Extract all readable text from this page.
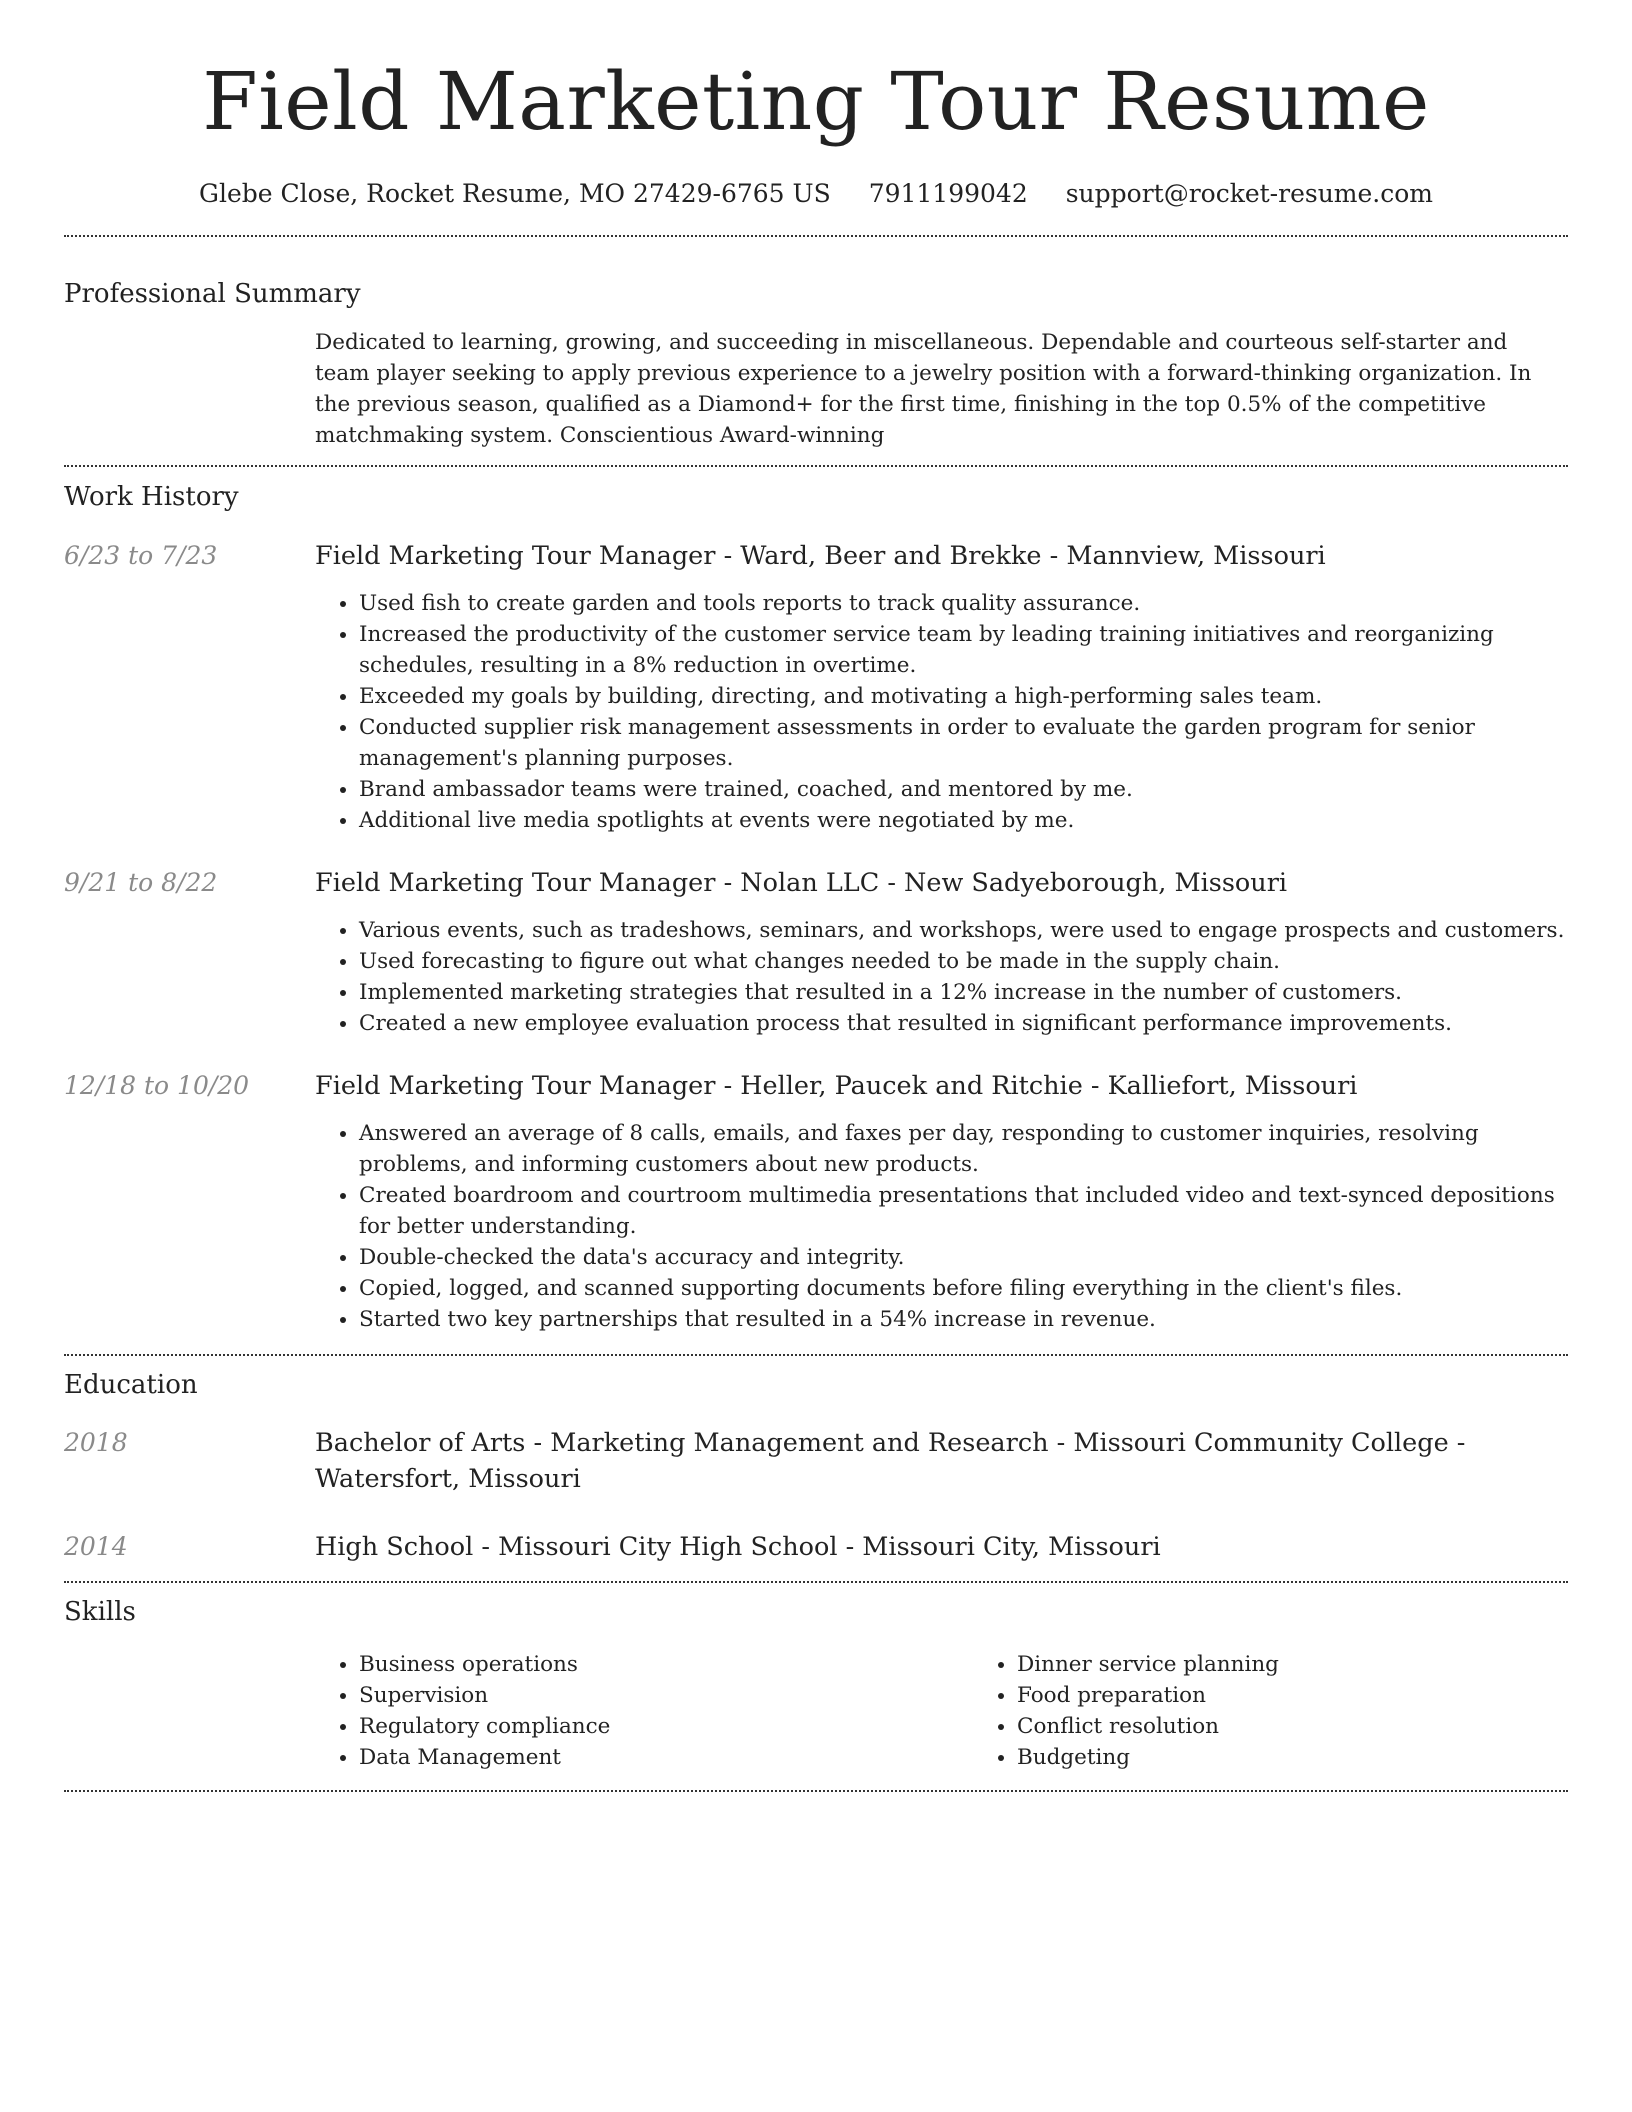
Field Marketing Tour Resume
Glebe Close, Rocket Resume, MO 27429-6765 US 7911199042 support@rocket-resume.com
Professional Summary

Dedicated to learning, growing, and succeeding in miscellaneous. Dependable and courteous self-starter and team player seeking to apply previous experience to a jewelry position with a forward-thinking organization. In the previous season, qualified as a Diamond+ for the first time, finishing in the top 0.5% of the competitive matchmaking system. Conscientious Award-winning

Work History
6/23 to 7/23	Field Marketing Tour Manager - Ward, Beer and Brekke - Mannview, Missouri

• Used fish to create garden and tools reports to track quality assurance.
• Increased the productivity of the customer service team by leading training initiatives and reorganizing schedules, resulting in a 8% reduction in overtime.
• Exceeded my goals by building, directing, and motivating a high-performing sales team.
• Conducted supplier risk management assessments in order to evaluate the garden program for senior management's planning purposes.
• Brand ambassador teams were trained, coached, and mentored by me.
• Additional live media spotlights at events were negotiated by me.
9/21 to 8/22	Field Marketing Tour Manager - Nolan LLC - New Sadyeborough, Missouri

• Various events, such as tradeshows, seminars, and workshops, were used to engage prospects and customers.
• Used forecasting to figure out what changes needed to be made in the supply chain.
• Implemented marketing strategies that resulted in a 12% increase in the number of customers.
• Created a new employee evaluation process that resulted in significant performance improvements.
12/18 to 10/20	Field Marketing Tour Manager - Heller, Paucek and Ritchie - Kalliefort, Missouri

• Answered an average of 8 calls, emails, and faxes per day, responding to customer inquiries, resolving problems, and informing customers about new products.
• Created boardroom and courtroom multimedia presentations that included video and text-synced depositions for better understanding.
• Double-checked the data's accuracy and integrity.
• Copied, logged, and scanned supporting documents before filing everything in the client's files.
• Started two key partnerships that resulted in a 54% increase in revenue.
Education
2018	Bachelor of Arts - Marketing Management and Research - Missouri Community College - Watersfort, Missouri

2014	High School - Missouri City High School - Missouri City, Missouri

Skills
• Business operations
• Supervision
• Regulatory compliance
• Data Management
• Dinner service planning
• Food preparation
• Conflict resolution
• Budgeting
